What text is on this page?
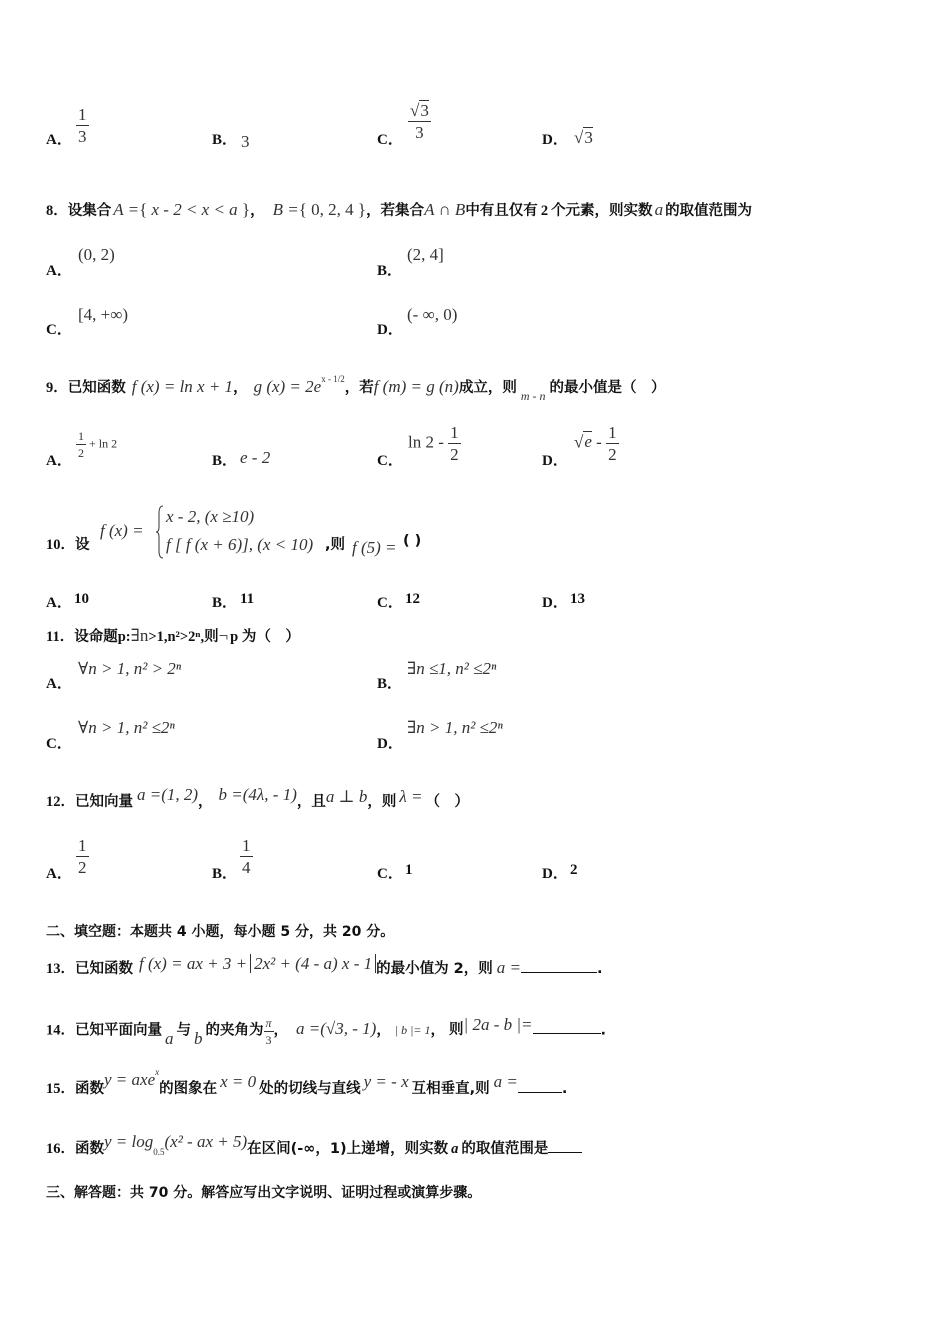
A． $\frac{1}{3}$	B． 3	C． $\frac{√3}{3}$	D． √3
8．设集合 A ={ x - 2 < x < a }， B ={ 0, 2, 4 }，若集合A ∩ B中有且仅有 2 个元素，则实数 a 的取值范围为
A．
(0, 2)
B．
(2, 4]
C．
[4, +∞)
D．
(- ∞, 0)
9．已知函数 f (x) = ln x + 1， g $(x) = 2e^{x - 1/2}$，若f (m) = g (n)成立，则 $_{m - n}$ 的最小值是（　）
A．
$\frac{1}{2} + \ln 2$
B． e - 2	C．
$\ln 2 - \frac{1}{2}$	D．
$√e - \frac{1}{2}$
10．设
f (x) =
x - 2, (x ≥10)
f [ f (x + 6)], (x < 10) ,则 f (5) = ( )
A． 10	B． 11	C． 12	D． 13
11．设命题p:∃n>1,n²>2ⁿ,则¬ p 为（　）
A．
∀n > 1, n² > 2ⁿ
B．
∃n ≤1, n² ≤2ⁿ
C．
∀n > 1, n² ≤2ⁿ
D．
∃n > 1, n² ≤2ⁿ
12．已知向量 a =(1, 2)， b =(4λ, - 1)，且a ⊥ b，则 λ = （　）
A． $\frac{1}{2}$	B． $\frac{1}{4}$	C． 1	D． 2
二、填空题：本题共 4 小题，每小题 5 分，共 20 分。
13．已知函数 f (x) = ax + 3 + 2x² + (4 - a) x - 1 的最小值为 2，则 a =	.
14．已知平面向量 a 与 b 的夹角为 $\frac{\pi}{3}$ ， a =(√3, - 1)， | b |= 1， 则| 2a - b |=	.
15．函数y = axe$^x$的图象在 x = 0 处的切线与直线 y = - x 互相垂直,则 a =	.
16．函数$y = \log_{0.5}(x^2$ - ax + 5)在区间(-∞，1)上递增，则实数 a 的取值范围是
三、解答题：共 70 分。解答应写出文字说明、证明过程或演算步骤。
